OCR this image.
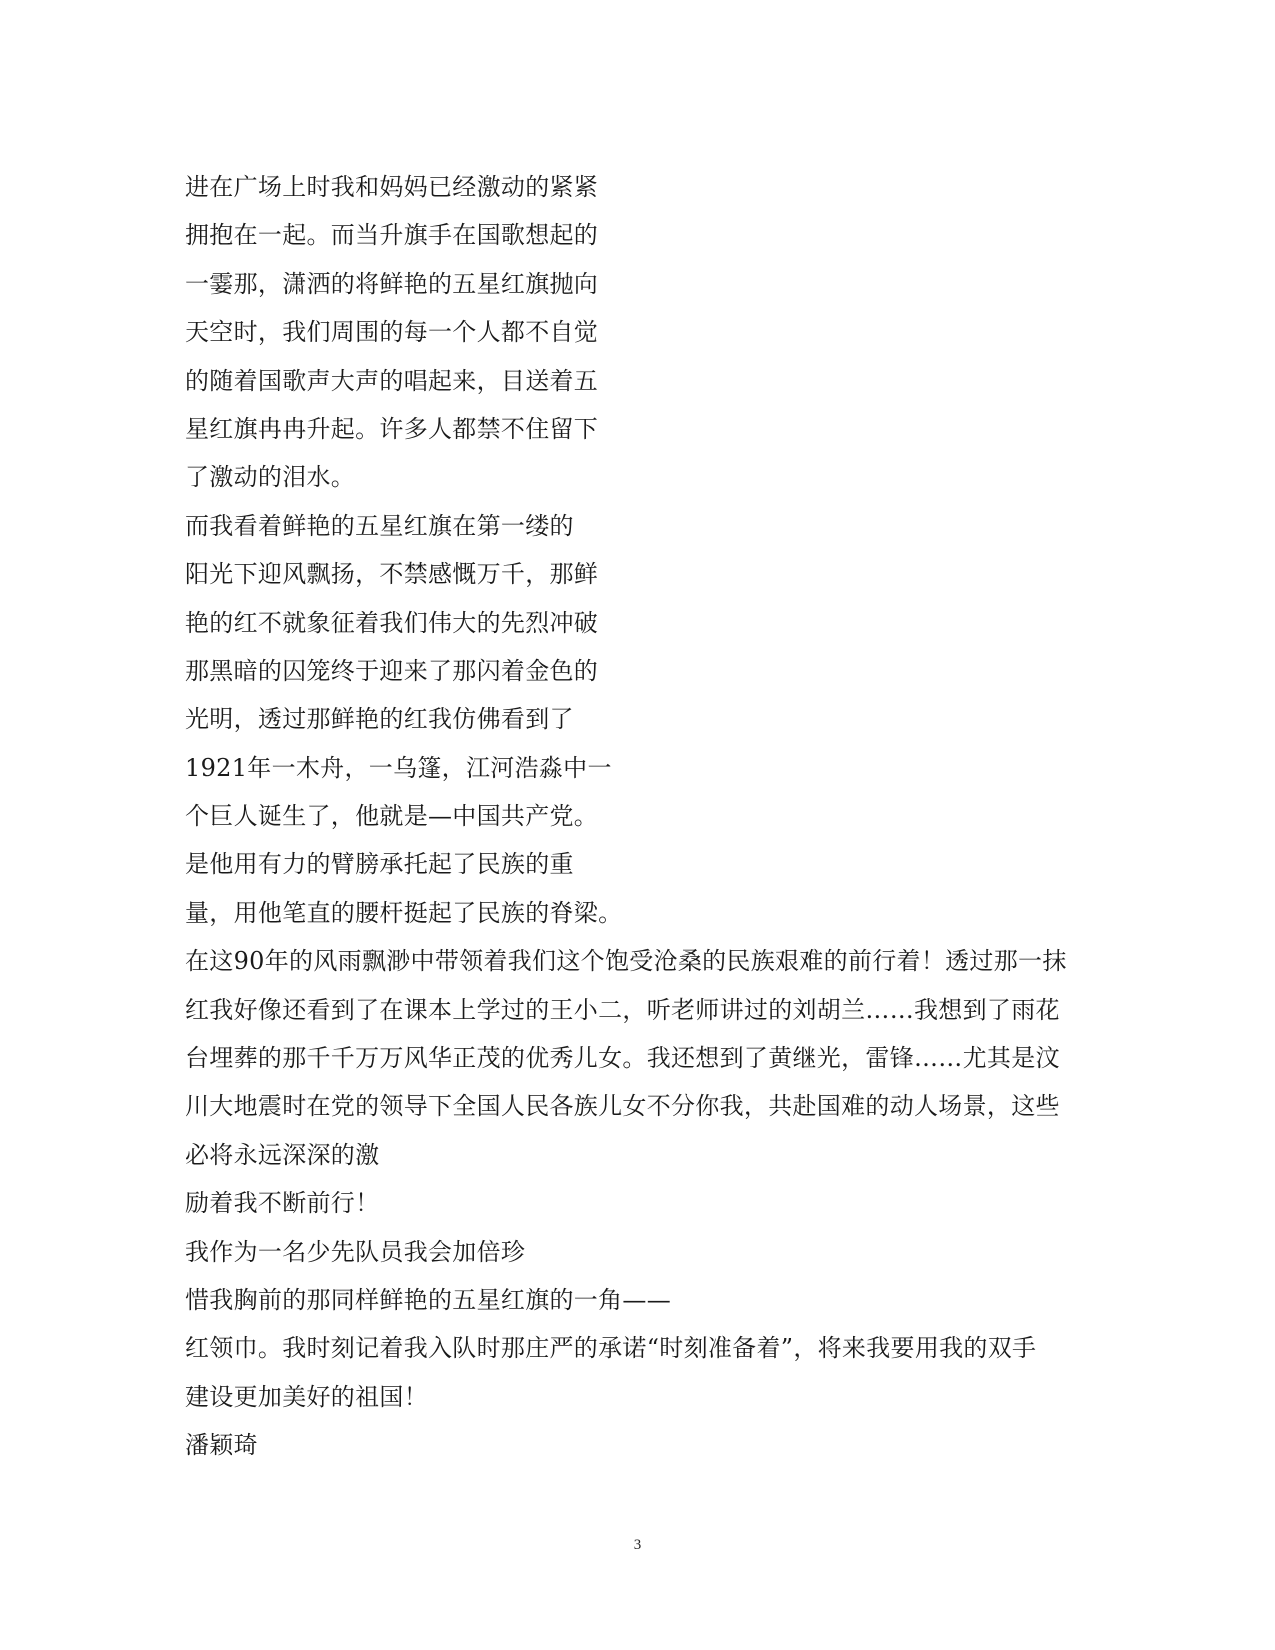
进在广场上时我和妈妈已经激动的紧紧
拥抱在一起。而当升旗手在国歌想起的
一霎那，潇洒的将鲜艳的五星红旗抛向
天空时，我们周围的每一个人都不自觉
的随着国歌声大声的唱起来，目送着五
星红旗冉冉升起。许多人都禁不住留下
了激动的泪水。
而我看着鲜艳的五星红旗在第一缕的
阳光下迎风飘扬，不禁感慨万千，那鲜
艳的红不就象征着我们伟大的先烈冲破
那黑暗的囚笼终于迎来了那闪着金色的
光明，透过那鲜艳的红我仿佛看到了
1921年一木舟，一乌篷，江河浩淼中一
个巨人诞生了，他就是—中国共产党。
是他用有力的臂膀承托起了民族的重
量，用他笔直的腰杆挺起了民族的脊梁。
在这90年的风雨飘渺中带领着我们这个饱受沧桑的民族艰难的前行着！透过那一抹
红我好像还看到了在课本上学过的王小二，听老师讲过的刘胡兰……我想到了雨花
台埋葬的那千千万万风华正茂的优秀儿女。我还想到了黄继光，雷锋……尤其是汶
川大地震时在党的领导下全国人民各族儿女不分你我，共赴国难的动人场景，这些
必将永远深深的激
励着我不断前行！
我作为一名少先队员我会加倍珍
惜我胸前的那同样鲜艳的五星红旗的一角——
红领巾。我时刻记着我入队时那庄严的承诺“时刻准备着”，将来我要用我的双手
建设更加美好的祖国！
潘颖琦
3
